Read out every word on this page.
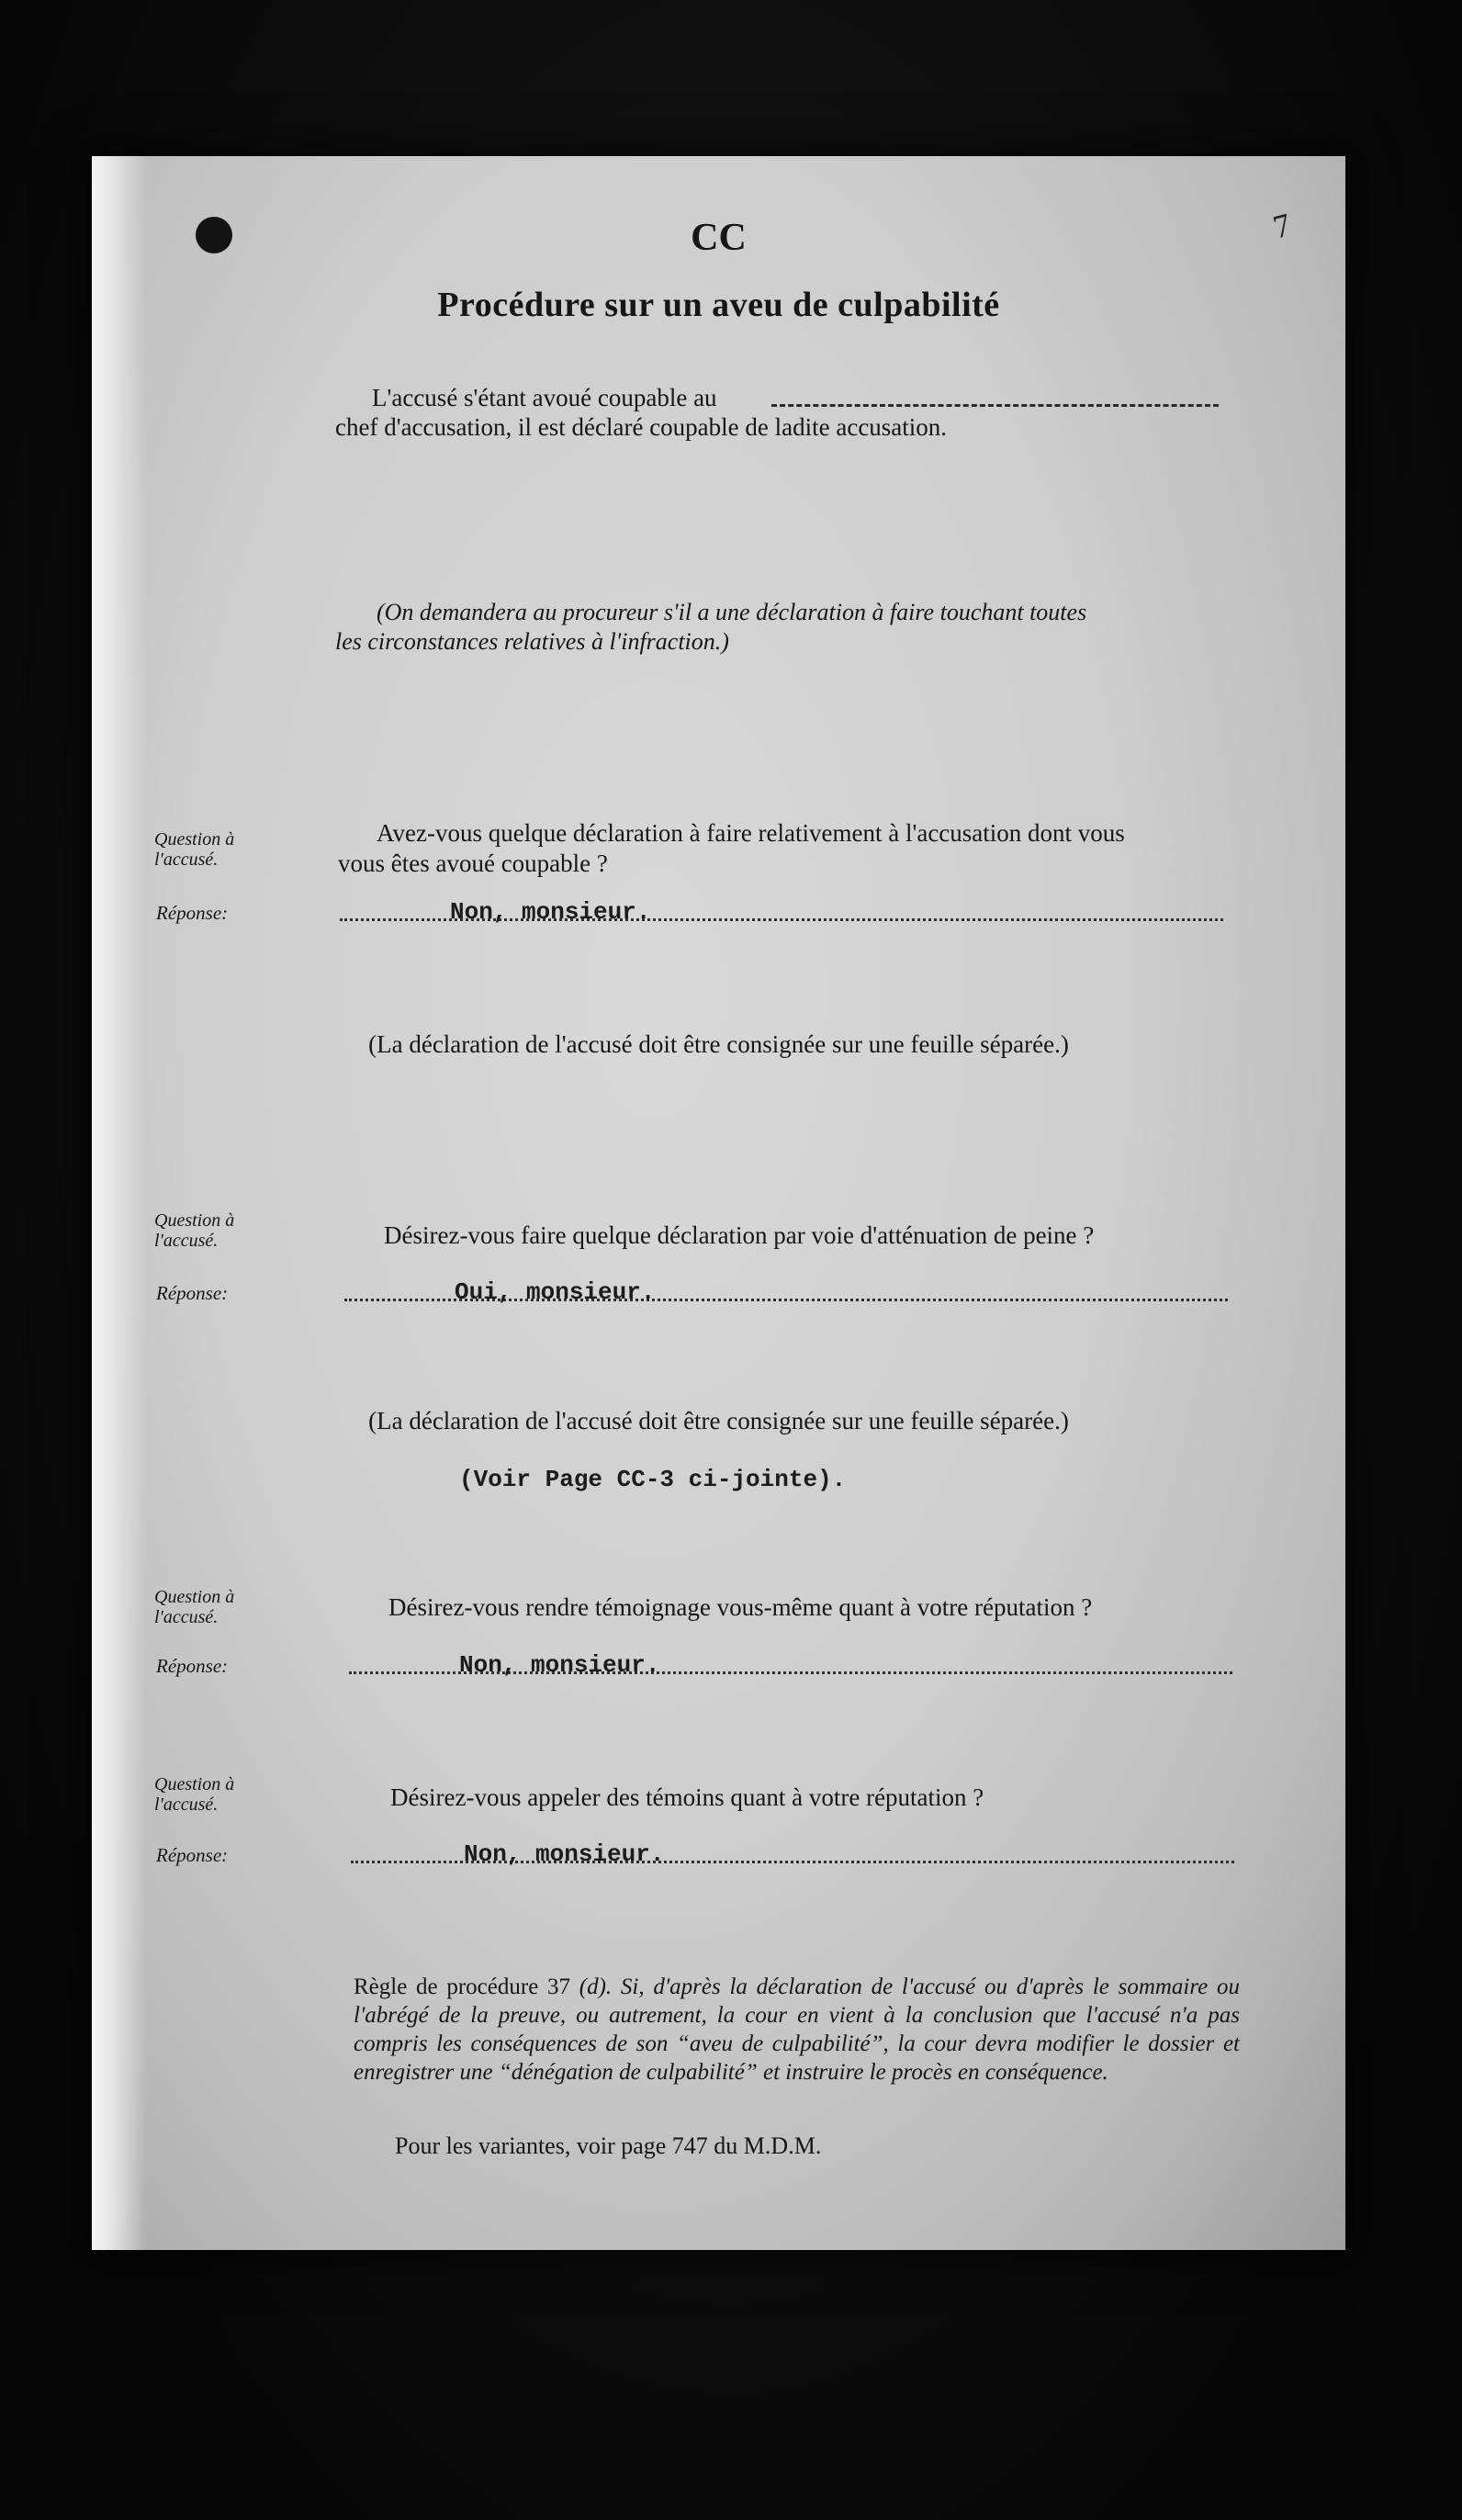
7
CC
Procédure sur un aveu de culpabilité
L'accusé s'étant avoué coupable au
chef d'accusation, il est déclaré coupable de ladite accusation.
(On demandera au procureur s'il a une déclaration à faire touchant toutes
les circonstances relatives à l'infraction.)
Question à
l'accusé.
Avez-vous quelque déclaration à faire relativement à l'accusation dont vous
vous êtes avoué coupable ?
Réponse:	Non, monsieur.
(La déclaration de l'accusé doit être consignée sur une feuille séparée.)
Question à
l'accusé.	Désirez-vous faire quelque déclaration par voie d'atténuation de peine ?
Réponse:	Oui, monsieur.
(La déclaration de l'accusé doit être consignée sur une feuille séparée.)
(Voir Page CC-3 ci-jointe).
Question à
l'accusé.	Désirez-vous rendre témoignage vous-même quant à votre réputation ?
Réponse:	Non, monsieur.
Question à
l'accusé.	Désirez-vous appeler des témoins quant à votre réputation ?
Réponse:	Non, monsieur.
Règle de procédure 37 (d). Si, d'après la déclaration de l'accusé ou d'après le sommaire ou l'abrégé de la preuve, ou autrement, la cour en vient à la conclusion que l'accusé n'a pas compris les conséquences de son “aveu de culpabilité”, la cour devra modifier le dossier et enregistrer une “dénégation de culpabilité” et instruire le procès en conséquence.
Pour les variantes, voir page 747 du M.D.M.
